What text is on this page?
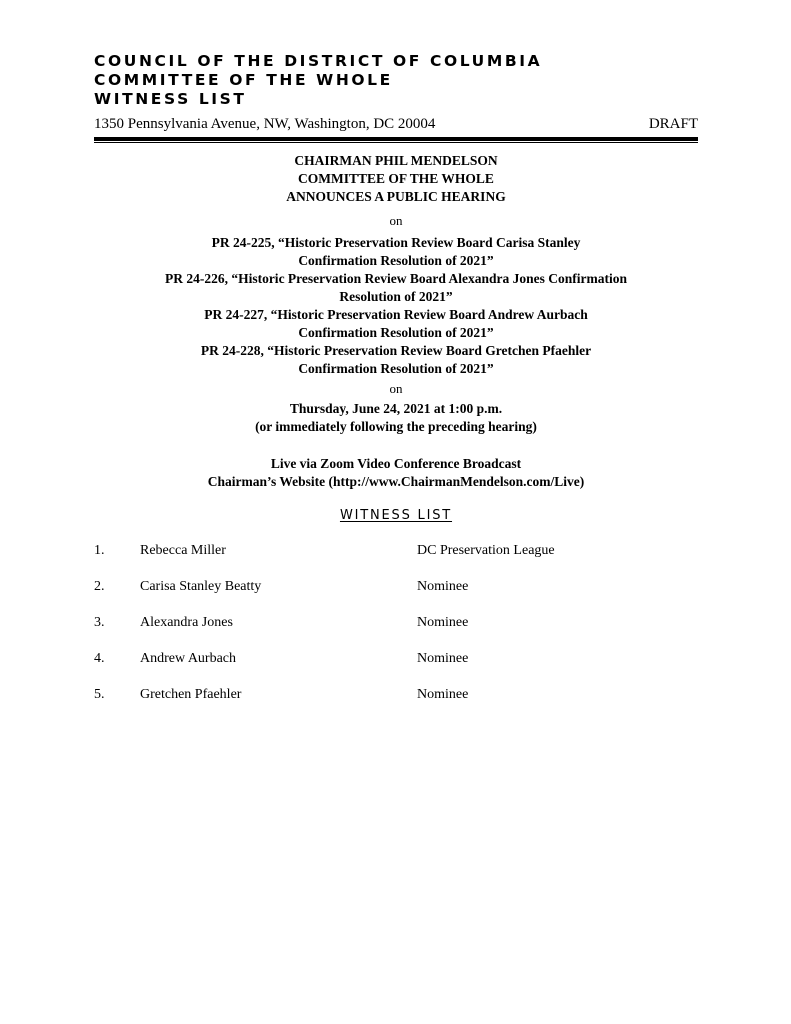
COUNCIL OF THE DISTRICT OF COLUMBIA
COMMITTEE OF THE WHOLE
WITNESS LIST
1350 Pennsylvania Avenue, NW, Washington, DC 20004	DRAFT
CHAIRMAN PHIL MENDELSON
COMMITTEE OF THE WHOLE
ANNOUNCES A PUBLIC HEARING
on
PR 24-225, “Historic Preservation Review Board Carisa Stanley
Confirmation Resolution of 2021”
PR 24-226, “Historic Preservation Review Board Alexandra Jones Confirmation
Resolution of 2021”
PR 24-227, “Historic Preservation Review Board Andrew Aurbach
Confirmation Resolution of 2021”
PR 24-228, “Historic Preservation Review Board Gretchen Pfaehler
Confirmation Resolution of 2021”
on
Thursday, June 24, 2021 at 1:00 p.m.
(or immediately following the preceding hearing)
Live via Zoom Video Conference Broadcast
Chairman’s Website (http://www.ChairmanMendelson.com/Live)
WITNESS LIST
1.	Rebecca Miller	DC Preservation League
2.	Carisa Stanley Beatty	Nominee
3.	Alexandra Jones	Nominee
4.	Andrew Aurbach	Nominee
5.	Gretchen Pfaehler	Nominee
